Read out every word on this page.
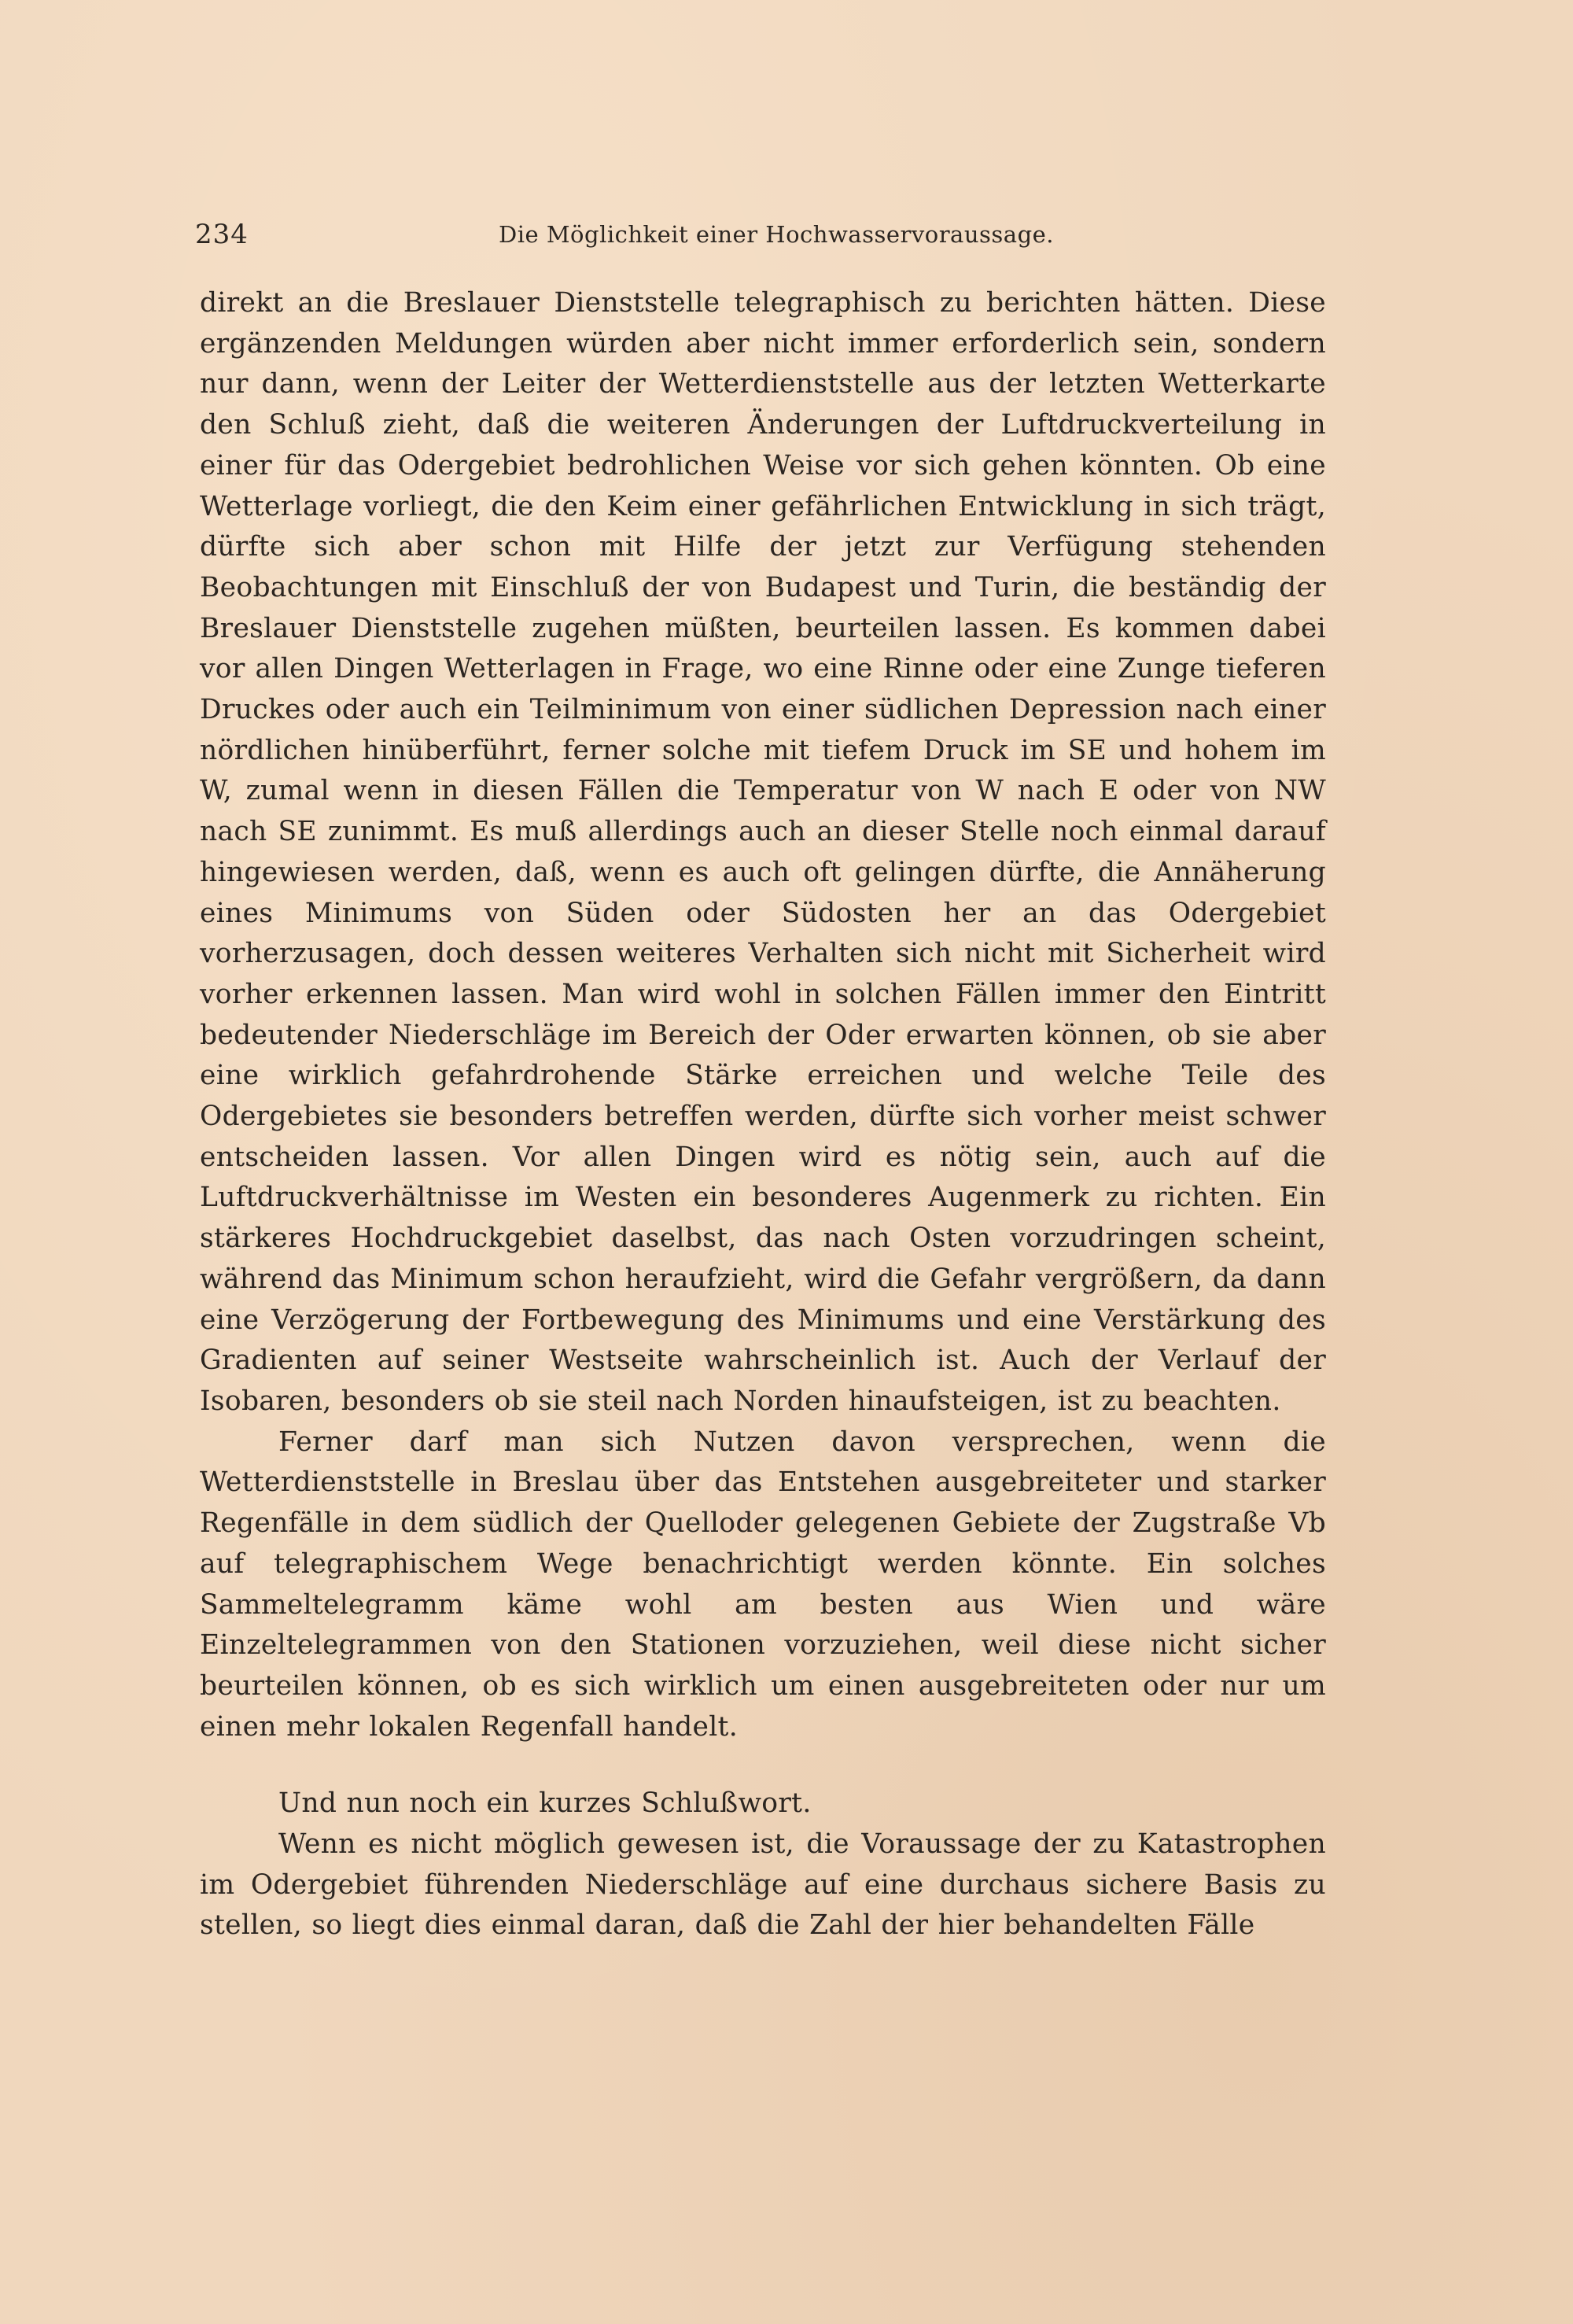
234	Die Möglichkeit einer Hochwasservoraussage.

direkt an die Breslauer Dienststelle telegraphisch zu berichten hätten. Diese ergänzenden Meldungen würden aber nicht immer erforderlich sein, sondern nur dann, wenn der Leiter der Wetterdienststelle aus der letzten Wetterkarte den Schluß zieht, daß die weiteren Änderungen der Luftdruckverteilung in einer für das Odergebiet bedrohlichen Weise vor sich gehen könnten. Ob eine Wetterlage vorliegt, die den Keim einer gefährlichen Entwicklung in sich trägt, dürfte sich aber schon mit Hilfe der jetzt zur Verfügung stehenden Beobachtungen mit Einschluß der von Budapest und Turin, die beständig der Breslauer Dienststelle zugehen müßten, beurteilen lassen. Es kommen dabei vor allen Dingen Wetterlagen in Frage, wo eine Rinne oder eine Zunge tieferen Druckes oder auch ein Teilminimum von einer südlichen Depression nach einer nördlichen hinüberführt, ferner solche mit tiefem Druck im SE und hohem im W, zumal wenn in diesen Fällen die Temperatur von W nach E oder von NW nach SE zunimmt. Es muß allerdings auch an dieser Stelle noch einmal darauf hingewiesen werden, daß, wenn es auch oft gelingen dürfte, die Annäherung eines Minimums von Süden oder Südosten her an das Odergebiet vorherzusagen, doch dessen weiteres Verhalten sich nicht mit Sicherheit wird vorher erkennen lassen. Man wird wohl in solchen Fällen immer den Eintritt bedeutender Niederschläge im Bereich der Oder erwarten können, ob sie aber eine wirklich gefahrdrohende Stärke erreichen und welche Teile des Odergebietes sie besonders betreffen werden, dürfte sich vorher meist schwer entscheiden lassen. Vor allen Dingen wird es nötig sein, auch auf die Luftdruckverhältnisse im Westen ein besonderes Augenmerk zu richten. Ein stärkeres Hochdruckgebiet daselbst, das nach Osten vorzudringen scheint, während das Minimum schon heraufzieht, wird die Gefahr vergrößern, da dann eine Verzögerung der Fortbewegung des Minimums und eine Verstärkung des Gradienten auf seiner Westseite wahrscheinlich ist. Auch der Verlauf der Isobaren, besonders ob sie steil nach Norden hinaufsteigen, ist zu beachten.

Ferner darf man sich Nutzen davon versprechen, wenn die Wetterdienststelle in Breslau über das Entstehen ausgebreiteter und starker Regenfälle in dem südlich der Quelloder gelegenen Gebiete der Zugstraße Vb auf telegraphischem Wege benachrichtigt werden könnte. Ein solches Sammeltelegramm käme wohl am besten aus Wien und wäre Einzeltelegrammen von den Stationen vorzuziehen, weil diese nicht sicher beurteilen können, ob es sich wirklich um einen ausgebreiteten oder nur um einen mehr lokalen Regenfall handelt.

Und nun noch ein kurzes Schlußwort.

Wenn es nicht möglich gewesen ist, die Voraussage der zu Katastrophen im Odergebiet führenden Niederschläge auf eine durchaus sichere Basis zu stellen, so liegt dies einmal daran, daß die Zahl der hier behandelten Fälle
